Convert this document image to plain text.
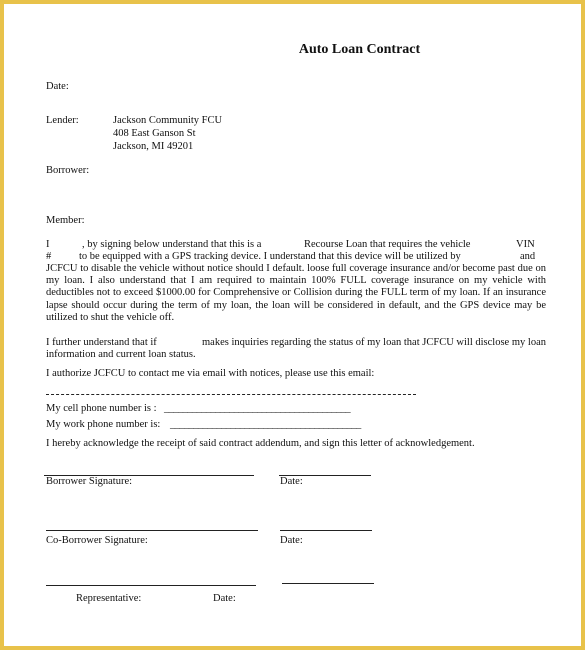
Auto Loan Contract
Date:
Lender:	Jackson Community FCU
408 East Ganson St
Jackson, MI 49201
Borrower:
Member:
I	, by signing below understand that this is a	Recourse Loan that requires the vehicle	VIN
#	to be equipped with a GPS tracking device. I understand that this device will be utilized by	and
JCFCU to disable the vehicle without notice should I default. loose full coverage insurance and/or become past due on my loan. I also understand that I am required to maintain 100% FULL coverage insurance on my vehicle with deductibles not to exceed $1000.00 for Comprehensive or Collision during the FULL term of my loan. If an insurance lapse should occur during the term of my loan, the loan will be considered in default, and the GPS device may be utilized to shut the vehicle off.
I further understand that if	makes inquiries regarding the status of my loan that JCFCU will disclose my loan information and current loan status.
I authorize JCFCU to contact me via email with notices, please use this email:
My cell phone number is : ________________________________________
My work phone number is: _________________________________________
I hereby acknowledge the receipt of said contract addendum, and sign this letter of acknowledgement.
Borrower Signature:	Date:
Co-Borrower Signature:	Date:
Representative:	Date:
